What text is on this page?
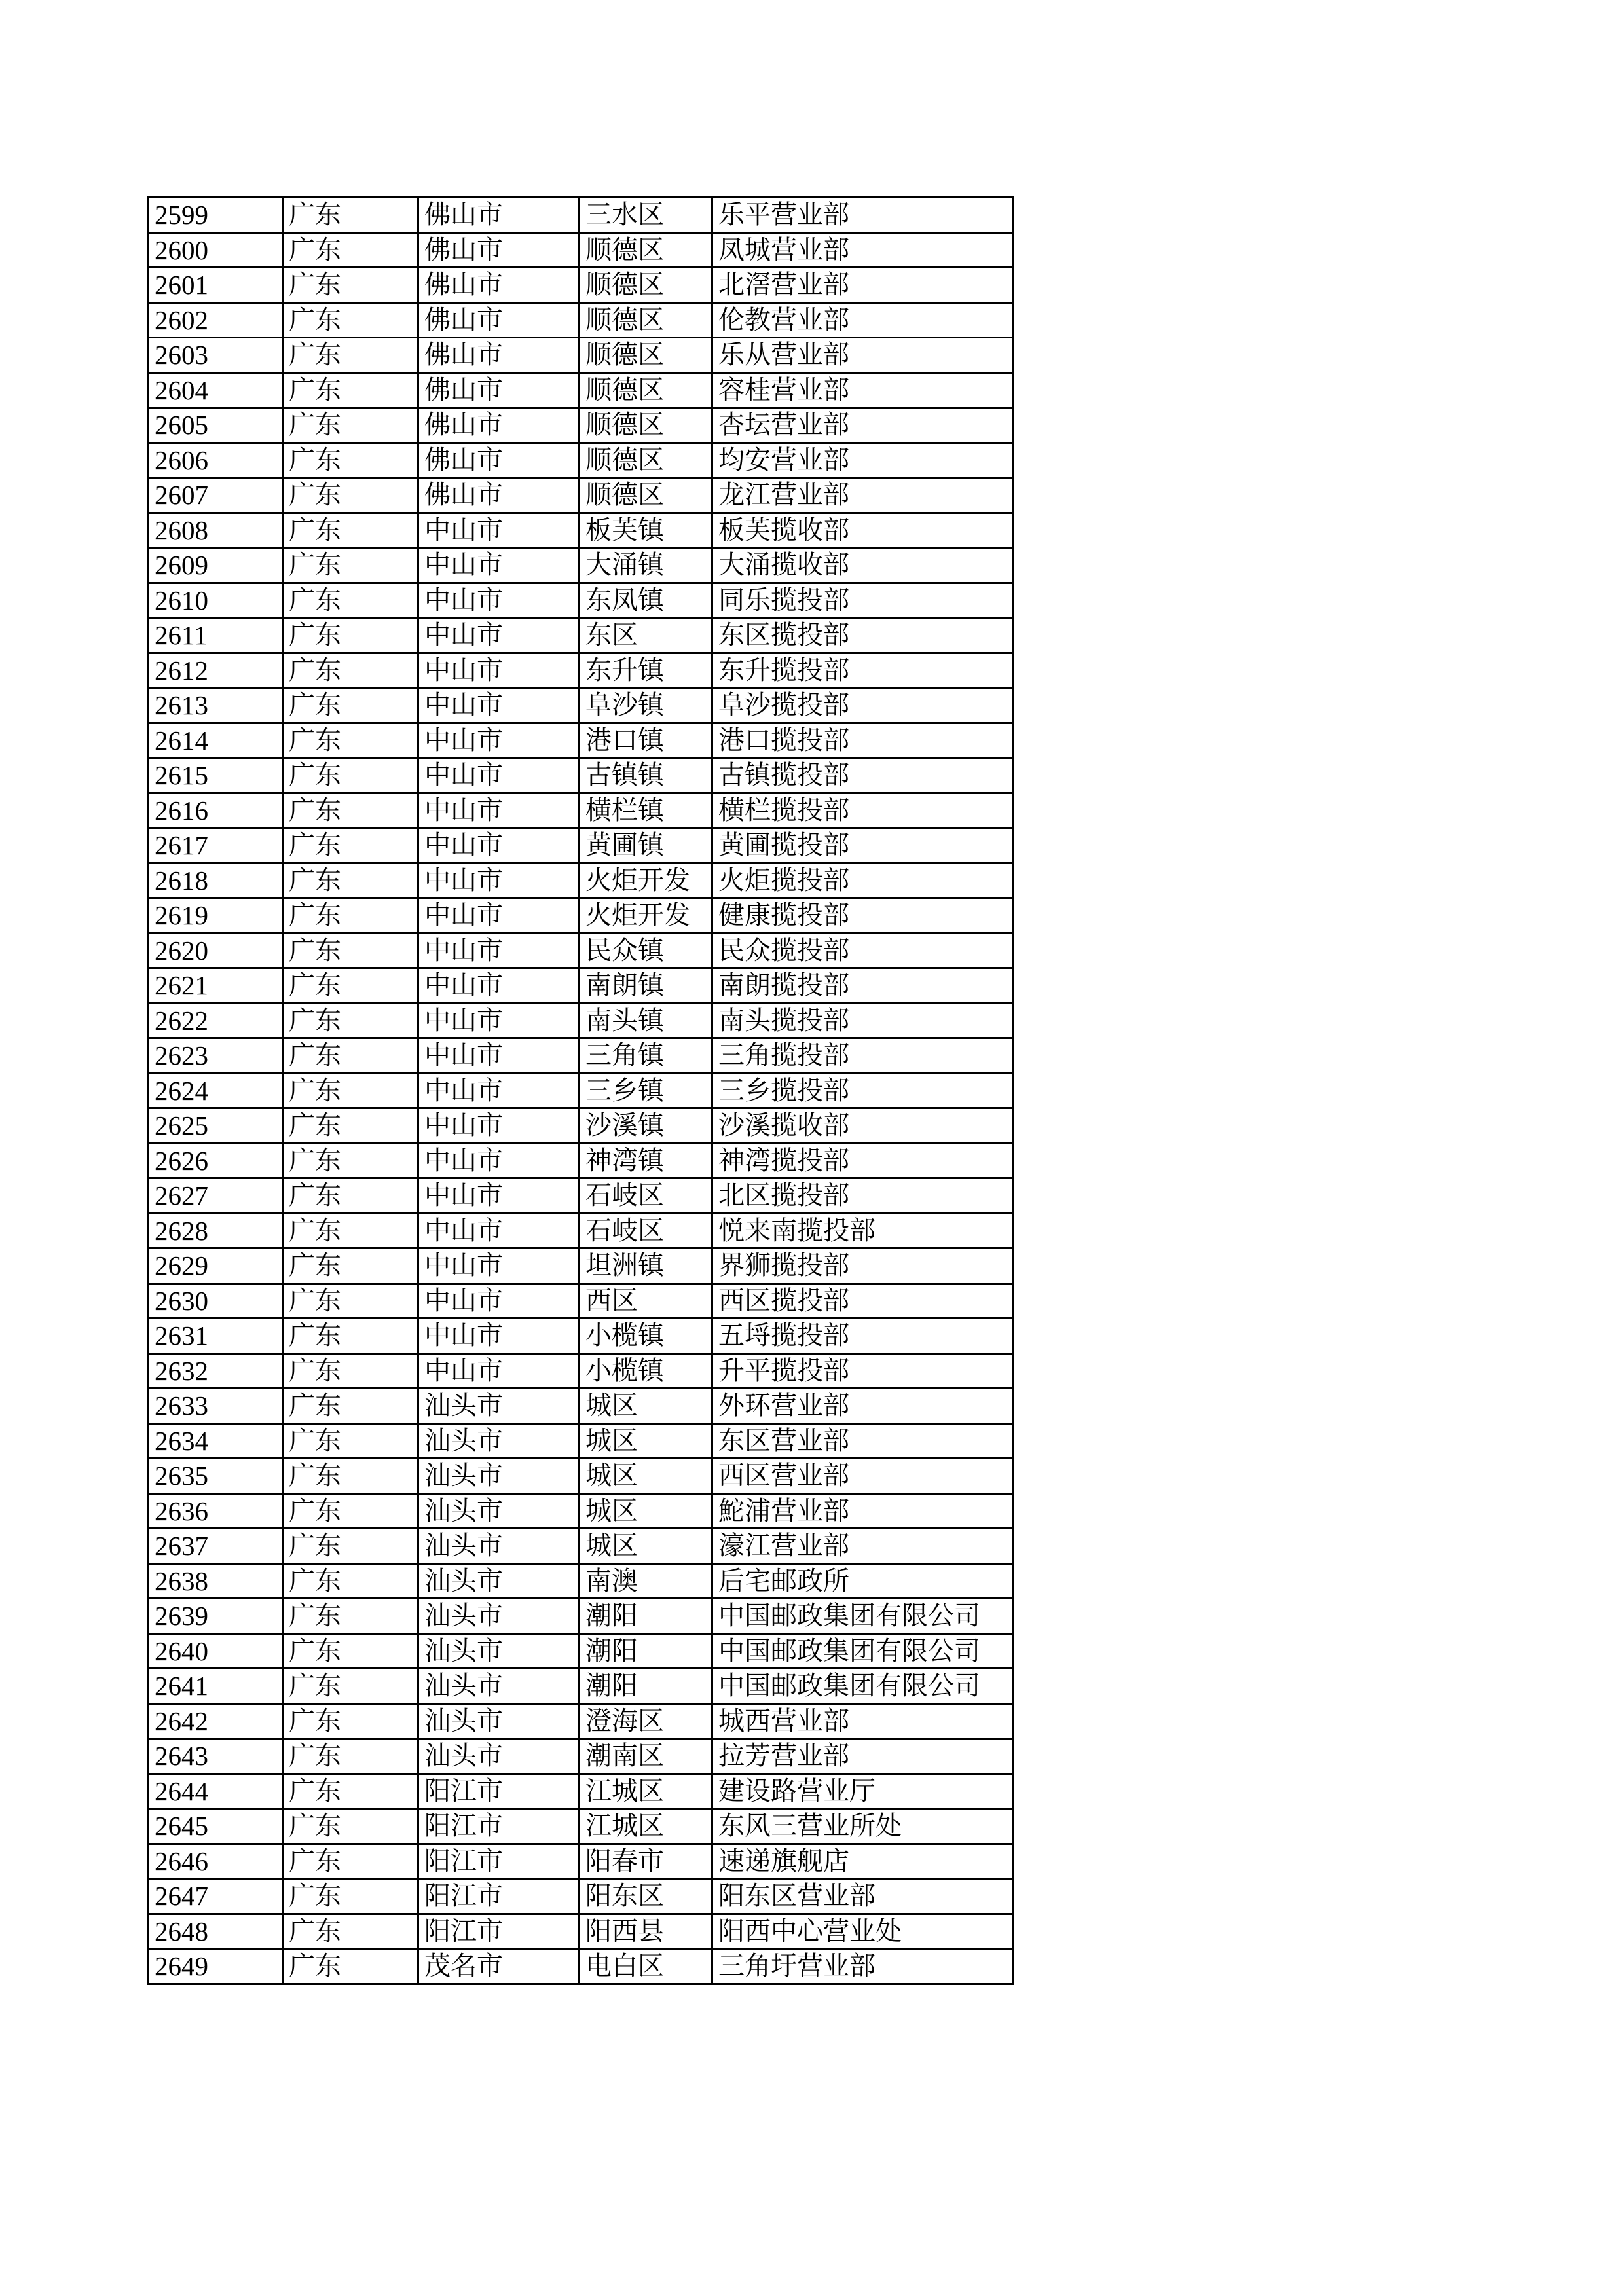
2599	广东	佛山市	三水区	乐平营业部
2600	广东	佛山市	顺德区	凤城营业部
2601	广东	佛山市	顺德区	北滘营业部
2602	广东	佛山市	顺德区	伦教营业部
2603	广东	佛山市	顺德区	乐从营业部
2604	广东	佛山市	顺德区	容桂营业部
2605	广东	佛山市	顺德区	杏坛营业部
2606	广东	佛山市	顺德区	均安营业部
2607	广东	佛山市	顺德区	龙江营业部
2608	广东	中山市	板芙镇	板芙揽收部
2609	广东	中山市	大涌镇	大涌揽收部
2610	广东	中山市	东凤镇	同乐揽投部
2611	广东	中山市	东区	东区揽投部
2612	广东	中山市	东升镇	东升揽投部
2613	广东	中山市	阜沙镇	阜沙揽投部
2614	广东	中山市	港口镇	港口揽投部
2615	广东	中山市	古镇镇	古镇揽投部
2616	广东	中山市	横栏镇	横栏揽投部
2617	广东	中山市	黄圃镇	黄圃揽投部
2618	广东	中山市	火炬开发	火炬揽投部
2619	广东	中山市	火炬开发	健康揽投部
2620	广东	中山市	民众镇	民众揽投部
2621	广东	中山市	南朗镇	南朗揽投部
2622	广东	中山市	南头镇	南头揽投部
2623	广东	中山市	三角镇	三角揽投部
2624	广东	中山市	三乡镇	三乡揽投部
2625	广东	中山市	沙溪镇	沙溪揽收部
2626	广东	中山市	神湾镇	神湾揽投部
2627	广东	中山市	石岐区	北区揽投部
2628	广东	中山市	石岐区	悦来南揽投部
2629	广东	中山市	坦洲镇	界狮揽投部
2630	广东	中山市	西区	西区揽投部
2631	广东	中山市	小榄镇	五埒揽投部
2632	广东	中山市	小榄镇	升平揽投部
2633	广东	汕头市	城区	外环营业部
2634	广东	汕头市	城区	东区营业部
2635	广东	汕头市	城区	西区营业部
2636	广东	汕头市	城区	鮀浦营业部
2637	广东	汕头市	城区	濠江营业部
2638	广东	汕头市	南澳	后宅邮政所
2639	广东	汕头市	潮阳	中国邮政集团有限公司
2640	广东	汕头市	潮阳	中国邮政集团有限公司
2641	广东	汕头市	潮阳	中国邮政集团有限公司
2642	广东	汕头市	澄海区	城西营业部
2643	广东	汕头市	潮南区	拉芳营业部
2644	广东	阳江市	江城区	建设路营业厅
2645	广东	阳江市	江城区	东风三营业所处
2646	广东	阳江市	阳春市	速递旗舰店
2647	广东	阳江市	阳东区	阳东区营业部
2648	广东	阳江市	阳西县	阳西中心营业处
2649	广东	茂名市	电白区	三角圩营业部
